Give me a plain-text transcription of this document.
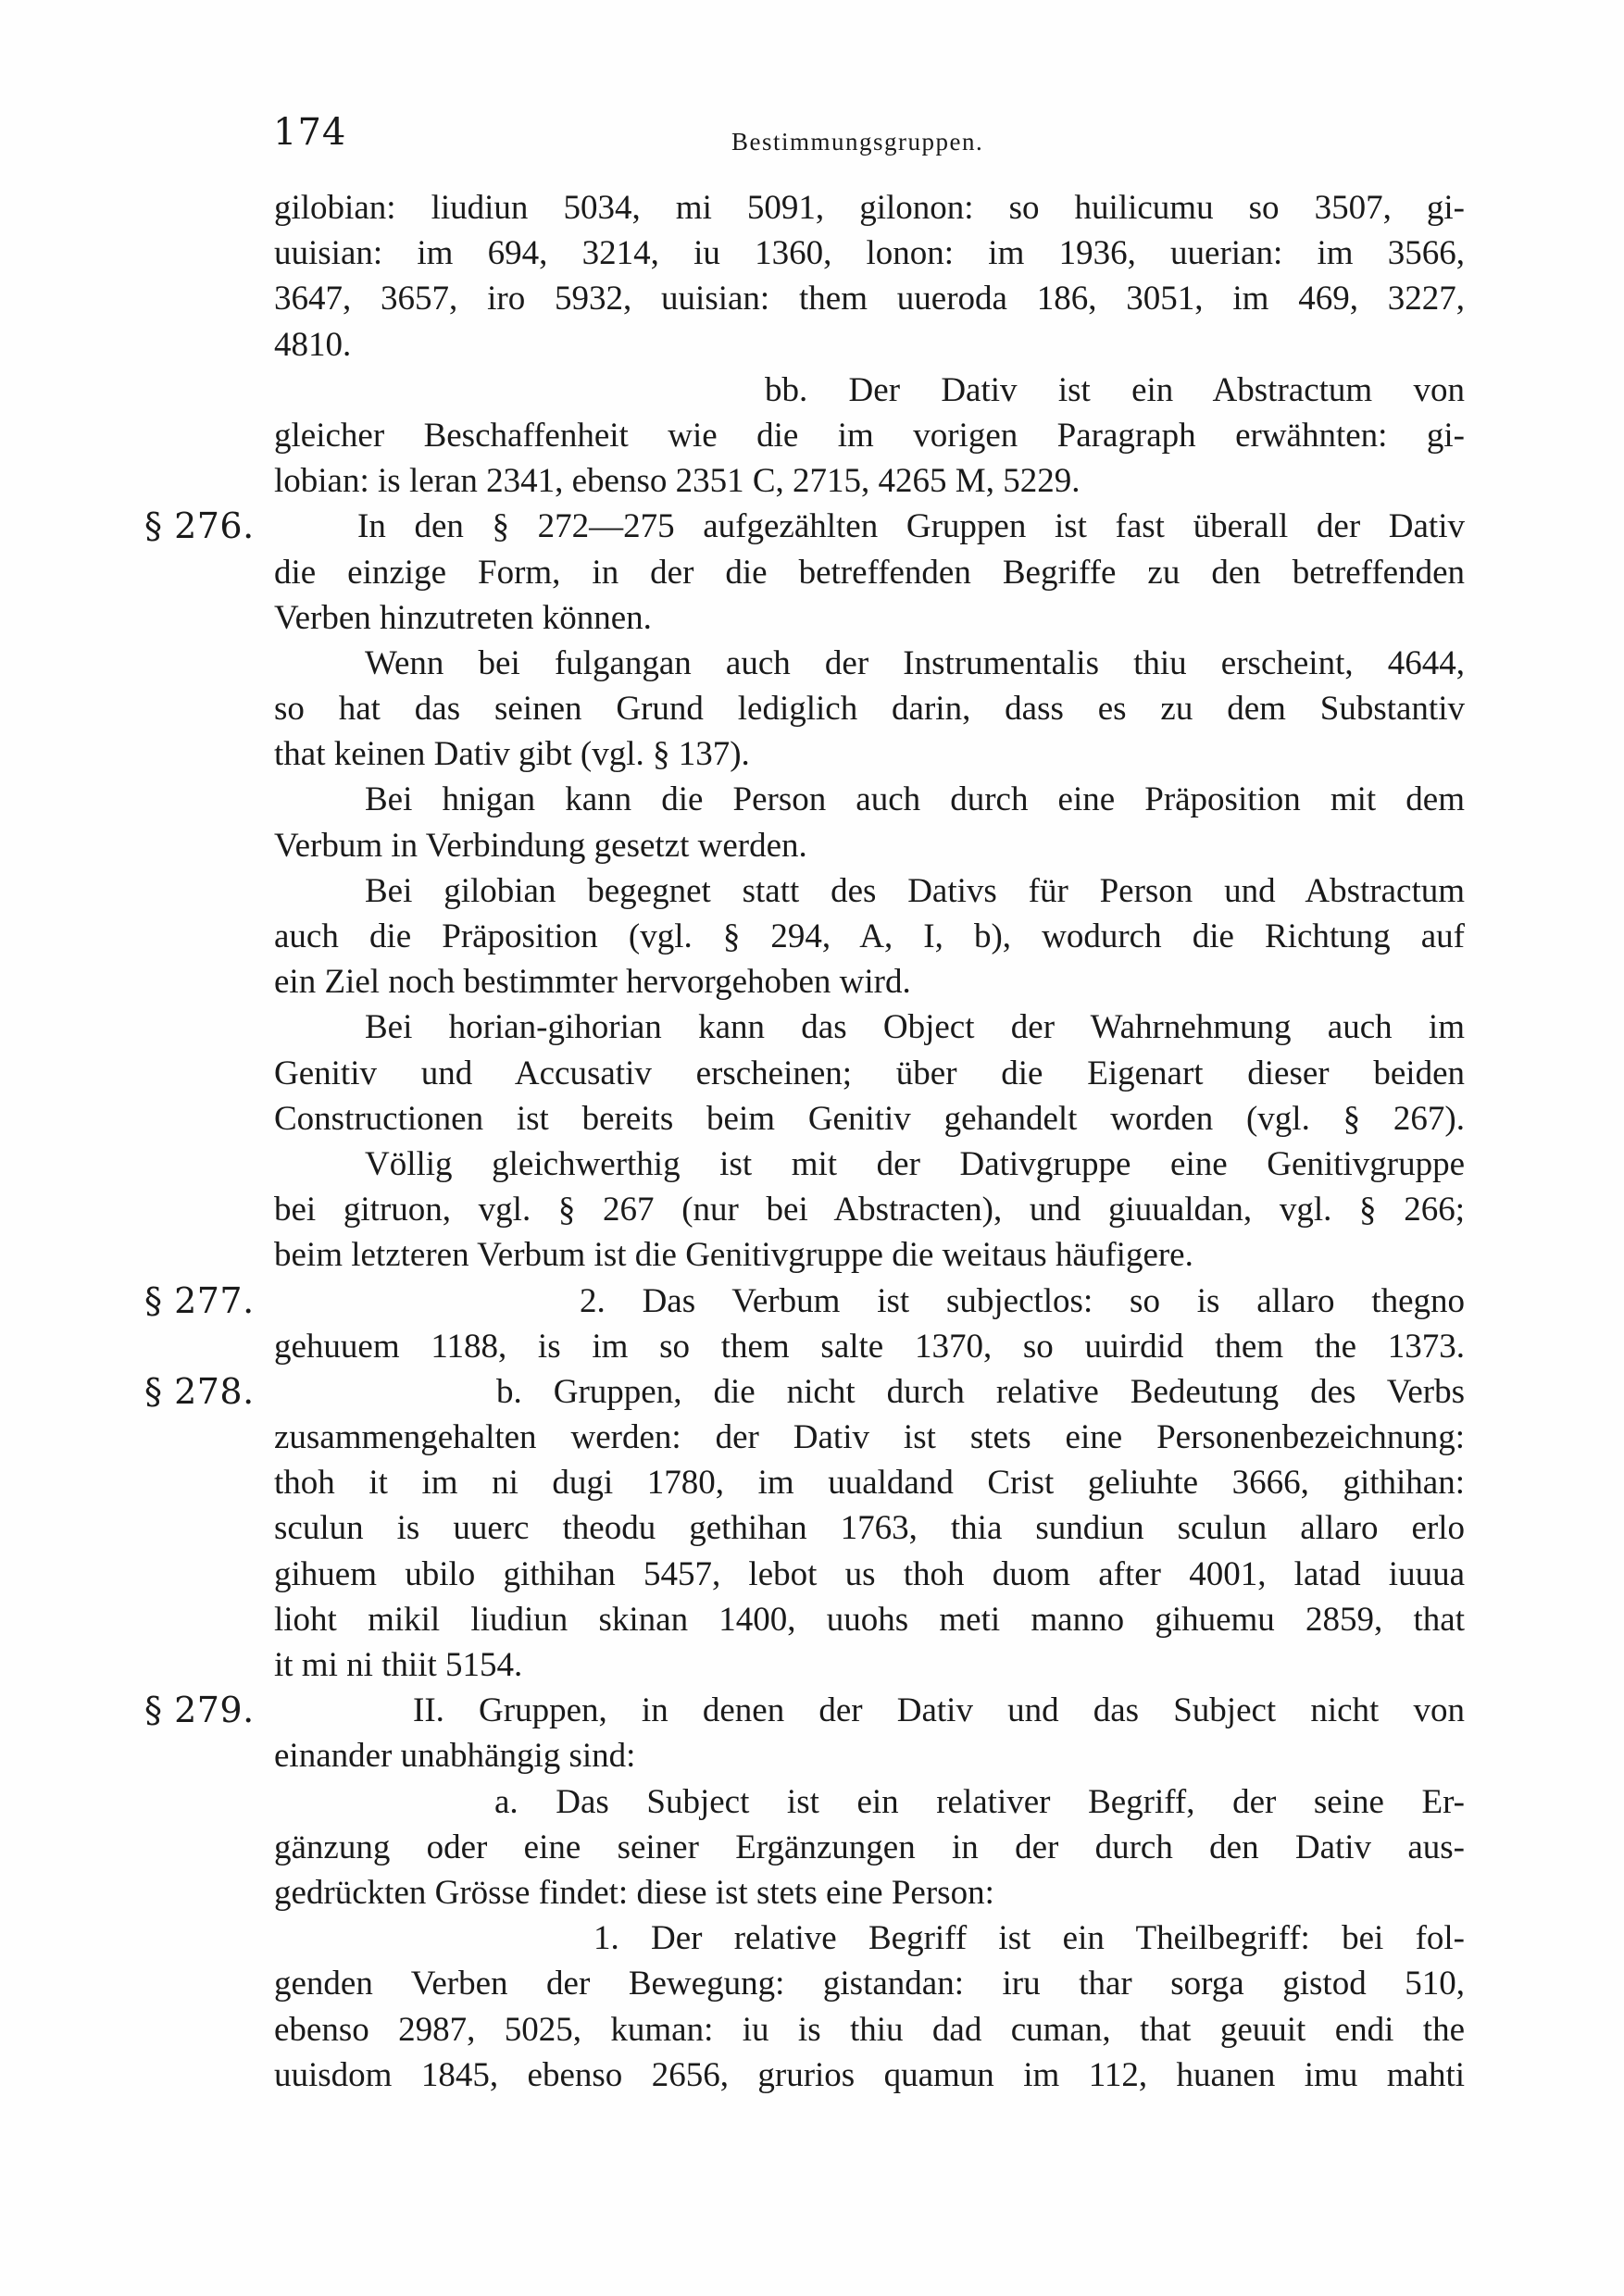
174	Bestimmungsgruppen.
gilobian: liudiun 5034, mi 5091, gilonon: so huilicumu so 3507, gi-
uuisian: im 694, 3214, iu 1360, lonon: im 1936, uuerian: im 3566,
3647, 3657, iro 5932, uuisian: them uueroda 186, 3051, im 469, 3227,
4810.
bb. Der Dativ ist ein Abstractum von
gleicher Beschaffenheit wie die im vorigen Paragraph erwähnten: gi-
lobian: is leran 2341, ebenso 2351 C, 2715, 4265 M, 5229.
§ 276.	In den § 272—275 aufgezählten Gruppen ist fast überall der Dativ
die einzige Form, in der die betreffenden Begriffe zu den betreffenden
Verben hinzutreten können.
Wenn bei fulgangan auch der Instrumentalis thiu erscheint, 4644,
so hat das seinen Grund lediglich darin, dass es zu dem Substantiv
that keinen Dativ gibt (vgl. § 137).
Bei hnigan kann die Person auch durch eine Präposition mit dem
Verbum in Verbindung gesetzt werden.
Bei gilobian begegnet statt des Dativs für Person und Abstractum
auch die Präposition (vgl. § 294, A, I, b), wodurch die Richtung auf
ein Ziel noch bestimmter hervorgehoben wird.
Bei horian-gihorian kann das Object der Wahrnehmung auch im
Genitiv und Accusativ erscheinen; über die Eigenart dieser beiden
Constructionen ist bereits beim Genitiv gehandelt worden (vgl. § 267).
Völlig gleichwerthig ist mit der Dativgruppe eine Genitivgruppe
bei gitruon, vgl. § 267 (nur bei Abstracten), und giuualdan, vgl. § 266;
beim letzteren Verbum ist die Genitivgruppe die weitaus häufigere.
§ 277.	2. Das Verbum ist subjectlos: so is allaro thegno
gehuuem 1188, is im so them salte 1370, so uuirdid them the 1373.
§ 278.	b. Gruppen, die nicht durch relative Bedeutung des Verbs
zusammengehalten werden: der Dativ ist stets eine Personenbezeichnung:
thoh it im ni dugi 1780, im uualdand Crist geliuhte 3666, githihan:
sculun is uuerc theodu gethihan 1763, thia sundiun sculun allaro erlo
gihuem ubilo githihan 5457, lebot us thoh duom after 4001, latad iuuua
lioht mikil liudiun skinan 1400, uuohs meti manno gihuemu 2859, that
it mi ni thiit 5154.
§ 279.	II. Gruppen, in denen der Dativ und das Subject nicht von
einander unabhängig sind:
a. Das Subject ist ein relativer Begriff, der seine Er-
gänzung oder eine seiner Ergänzungen in der durch den Dativ aus-
gedrückten Grösse findet: diese ist stets eine Person:
1. Der relative Begriff ist ein Theilbegriff: bei fol-
genden Verben der Bewegung: gistandan: iru thar sorga gistod 510,
ebenso 2987, 5025, kuman: iu is thiu dad cuman, that geuuit endi the
uuisdom 1845, ebenso 2656, grurios quamun im 112, huanen imu mahti
